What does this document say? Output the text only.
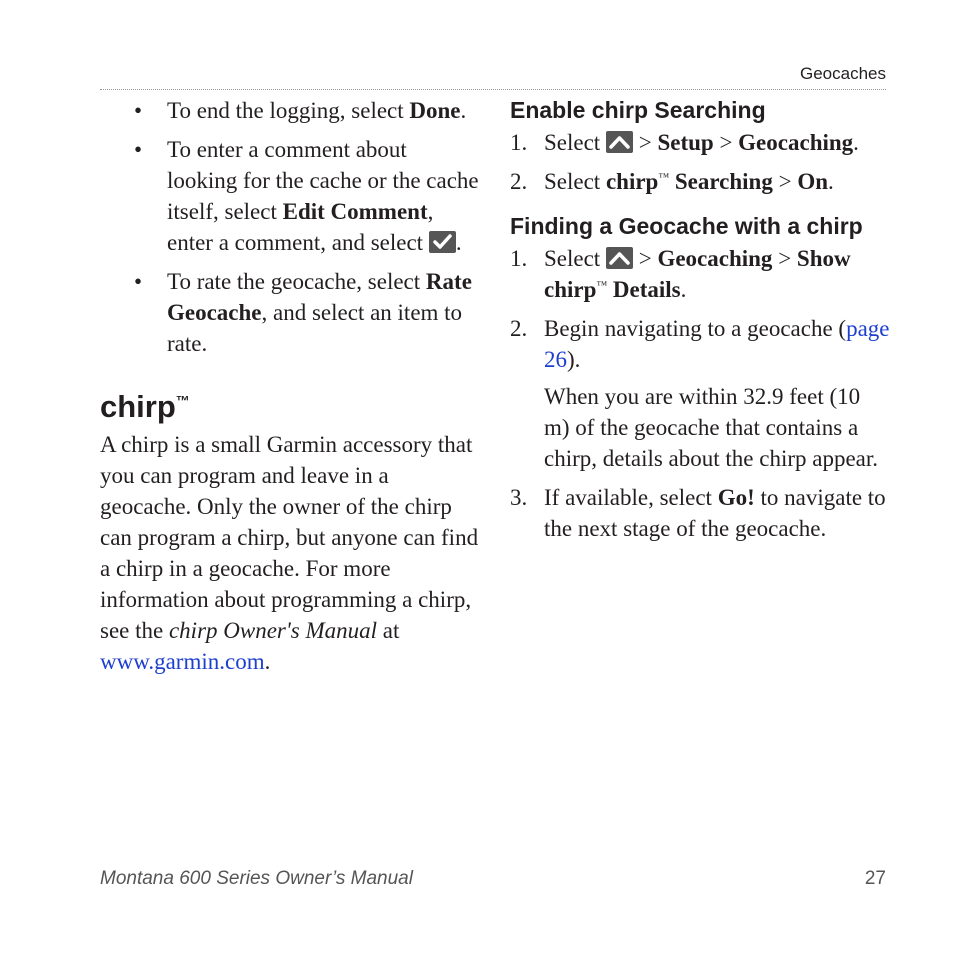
Geocaches
• To end the logging, select Done.
• To enter a comment about looking for the cache or the cache itself, select Edit Comment, enter a comment, and select
.
• To rate the geocache, select Rate Geocache, and select an item to rate.
chirp™

A chirp is a small Garmin accessory that you can program and leave in a geocache. Only the owner of the chirp can program a chirp, but anyone can find a chirp in a geocache. For more information about programming a chirp, see the chirp Owner's Manual at www.garmin.com.

Enable chirp Searching
1. Select
> Setup > Geocaching.
2. Select chirp™ Searching > On.
Finding a Geocache with a chirp
1. Select
> Geocaching > Show chirp™ Details.
2. Begin navigating to a geocache (page 26).
When you are within 32.9 feet (10 m) of the geocache that contains a chirp, details about the chirp appear.
3. If available, select Go! to navigate to the next stage of the geocache.
Montana 600 Series Owner’s Manual	27
